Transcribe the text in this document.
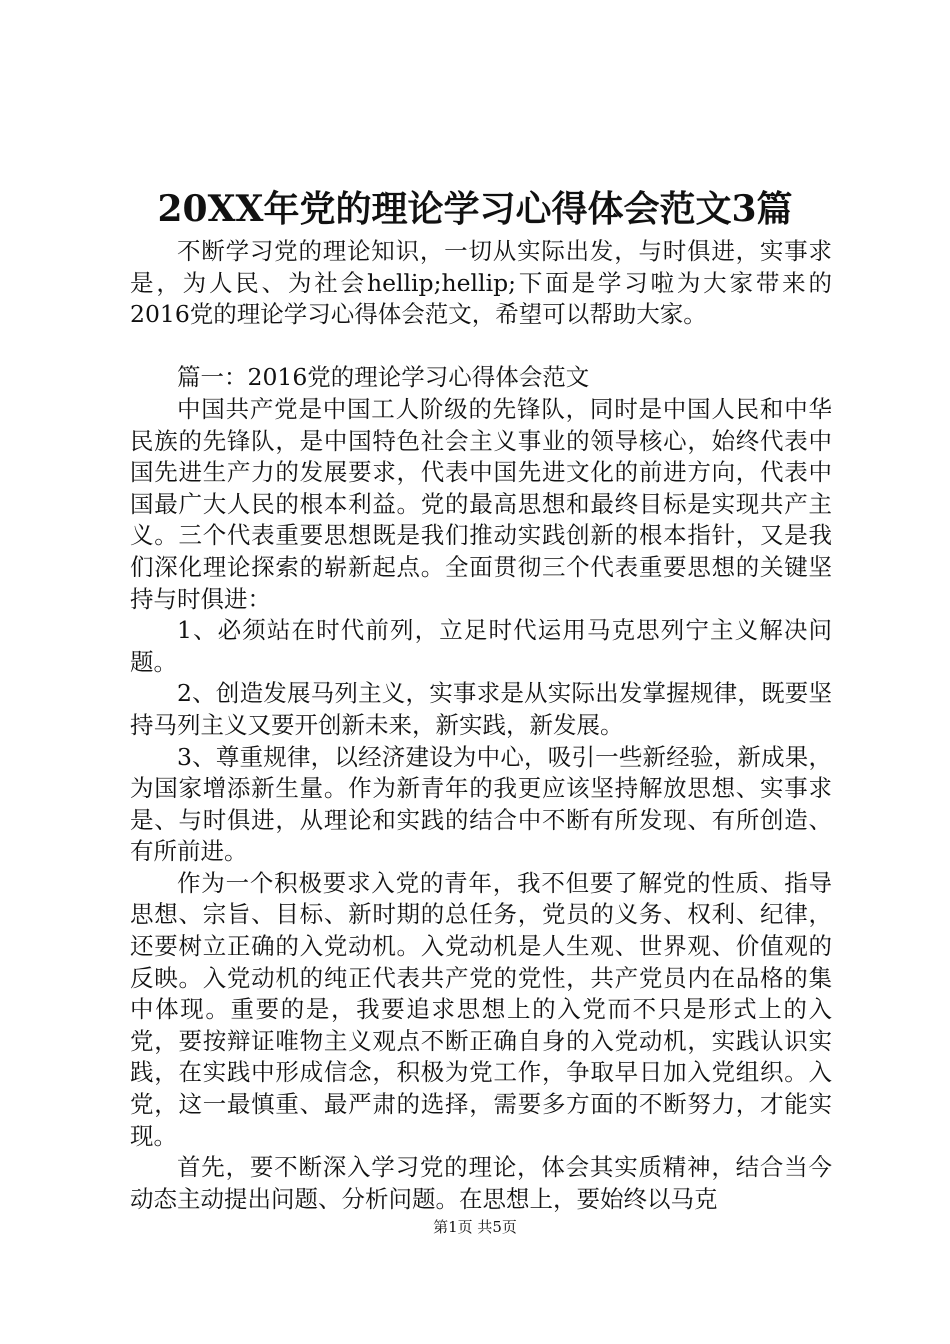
20XX年党的理论学习心得体会范文3篇

不断学习党的理论知识，一切从实际出发，与时俱进，实事求是，为人民、为社会hellip;hellip;下面是学习啦为大家带来的2016党的理论学习心得体会范文，希望可以帮助大家。

篇一：2016党的理论学习心得体会范文

中国共产党是中国工人阶级的先锋队，同时是中国人民和中华民族的先锋队，是中国特色社会主义事业的领导核心，始终代表中国先进生产力的发展要求，代表中国先进文化的前进方向，代表中国最广大人民的根本利益。党的最高思想和最终目标是实现共产主义。三个代表重要思想既是我们推动实践创新的根本指针，又是我们深化理论探索的崭新起点。全面贯彻三个代表重要思想的关键坚持与时俱进：

1、必须站在时代前列，立足时代运用马克思列宁主义解决问题。

2、创造发展马列主义，实事求是从实际出发掌握规律，既要坚持马列主义又要开创新未来，新实践，新发展。

3、尊重规律，以经济建设为中心，吸引一些新经验，新成果，为国家增添新生量。作为新青年的我更应该坚持解放思想、实事求是、与时俱进，从理论和实践的结合中不断有所发现、有所创造、有所前进。

作为一个积极要求入党的青年，我不但要了解党的性质、指导思想、宗旨、目标、新时期的总任务，党员的义务、权利、纪律，还要树立正确的入党动机。入党动机是人生观、世界观、价值观的反映。入党动机的纯正代表共产党的党性，共产党员内在品格的集中体现。重要的是，我要追求思想上的入党而不只是形式上的入党，要按辩证唯物主义观点不断正确自身的入党动机，实践认识实践，在实践中形成信念，积极为党工作，争取早日加入党组织。入党，这一最慎重、最严肃的选择，需要多方面的不断努力，才能实现。

首先，要不断深入学习党的理论，体会其实质精神，结合当今动态主动提出问题、分析问题。在思想上，要始终以马克

第1页 共5页
